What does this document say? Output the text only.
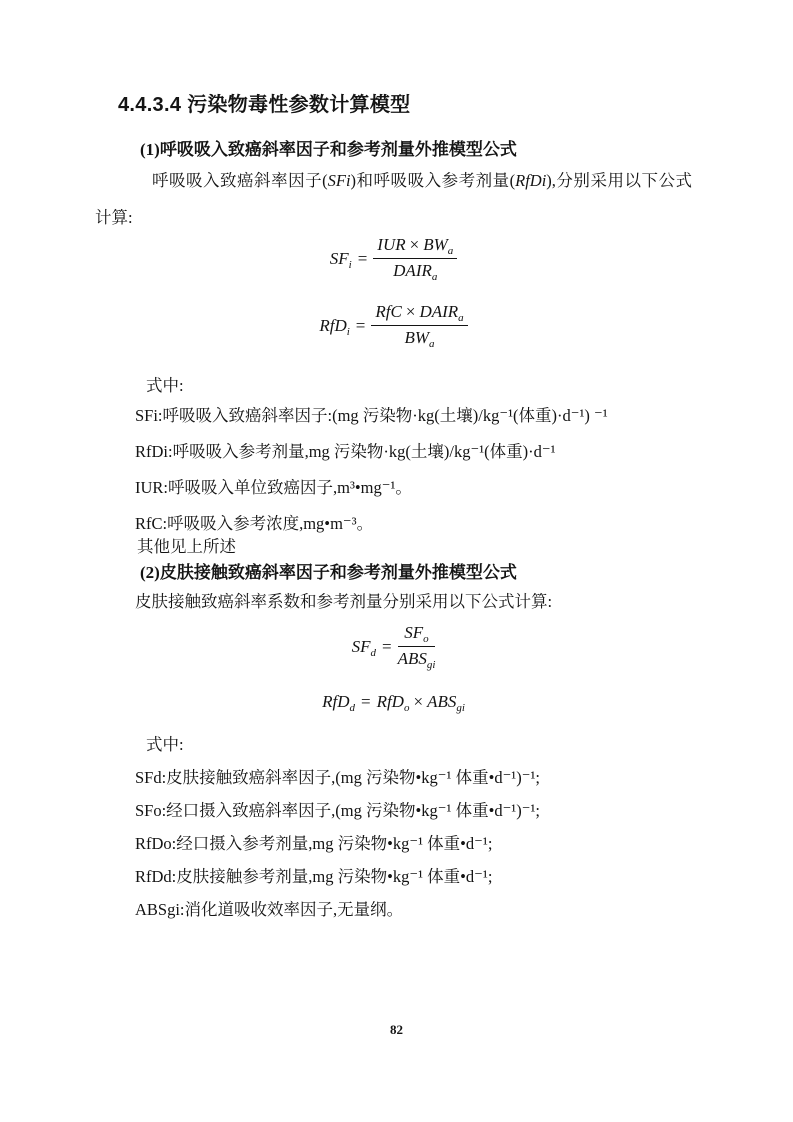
4.4.3.4 污染物毒性参数计算模型
(1)呼吸吸入致癌斜率因子和参考剂量外推模型公式

呼吸吸入致癌斜率因子(SFi)和呼吸吸入参考剂量(RfDi),分别采用以下公式计算:

$SF_i = \frac{IUR \times BW_a}{DAIR_a}$
$RfD_i = \frac{RfC \times DAIR_a}{BW_a}$
式中:

SFi:呼吸吸入致癌斜率因子:(mg 污染物·kg(土壤)/kg⁻¹(体重)·d⁻¹) ⁻¹

RfDi:呼吸吸入参考剂量,mg 污染物·kg(土壤)/kg⁻¹(体重)·d⁻¹

IUR:呼吸吸入单位致癌因子,m³•mg⁻¹。

RfC:呼吸吸入参考浓度,mg•m⁻³。

其他见上所述
(2)皮肤接触致癌斜率因子和参考剂量外推模型公式
皮肤接触致癌斜率系数和参考剂量分别采用以下公式计算:
$SF_d = \frac{SF_o}{ABS_{gi}}$
$RfD_d = RfD_o \times ABS_{gi}$
式中:

SFd:皮肤接触致癌斜率因子,(mg 污染物•kg⁻¹ 体重•d⁻¹)⁻¹;

SFo:经口摄入致癌斜率因子,(mg 污染物•kg⁻¹ 体重•d⁻¹)⁻¹;

RfDo:经口摄入参考剂量,mg 污染物•kg⁻¹ 体重•d⁻¹;

RfDd:皮肤接触参考剂量,mg 污染物•kg⁻¹ 体重•d⁻¹;

ABSgi:消化道吸收效率因子,无量纲。

82
